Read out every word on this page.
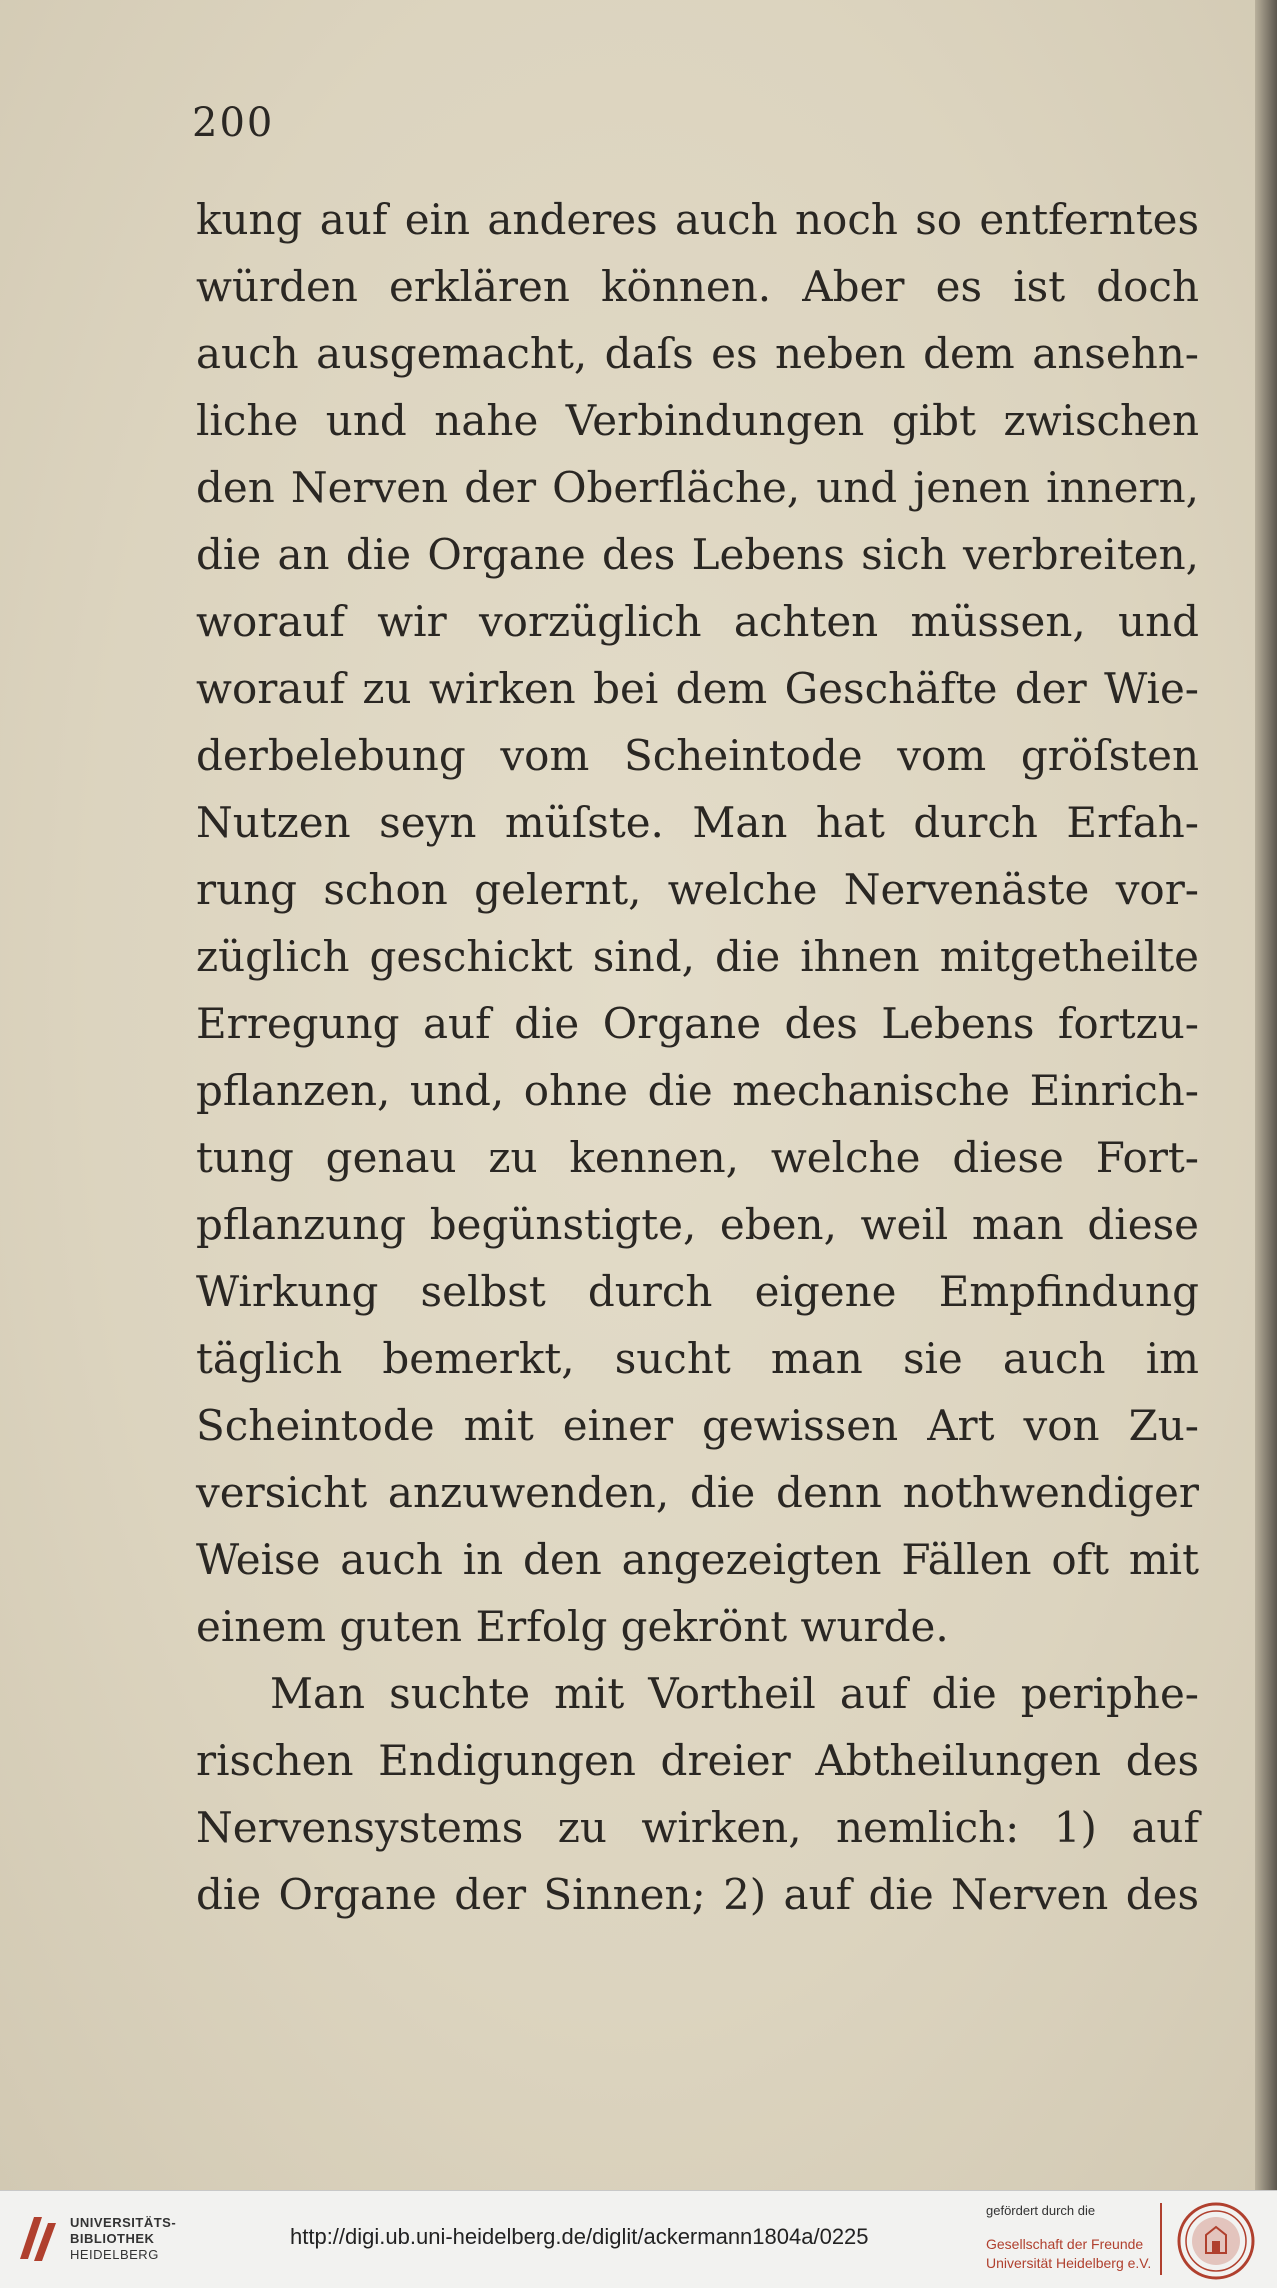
200
kung auf ein anderes auch noch so entferntes
würden erklären können. Aber es ist doch
auch ausgemacht, daſs es neben dem ansehn-
liche und nahe Verbindungen gibt zwischen
den Nerven der Oberfläche, und jenen innern,
die an die Organe des Lebens sich verbreiten,
worauf wir vorzüglich achten müssen, und
worauf zu wirken bei dem Geschäfte der Wie-
derbelebung vom Scheintode vom gröſsten
Nutzen seyn müſste. Man hat durch Erfah-
rung schon gelernt, welche Nervenäste vor-
züglich geschickt sind, die ihnen mitgetheilte
Erregung auf die Organe des Lebens fortzu-
pflanzen, und, ohne die mechanische Einrich-
tung genau zu kennen, welche diese Fort-
pflanzung begünstigte, eben, weil man diese
Wirkung selbst durch eigene Empfindung
täglich bemerkt, sucht man sie auch im
Scheintode mit einer gewissen Art von Zu-
versicht anzuwenden, die denn nothwendiger
Weise auch in den angezeigten Fällen oft mit
einem guten Erfolg gekrönt wurde.
Man suchte mit Vortheil auf die periphe-
rischen Endigungen dreier Abtheilungen des
Nervensystems zu wirken, nemlich: 1) auf
die Organe der Sinnen; 2) auf die Nerven des
UNIVERSITÄTS-
BIBLIOTHEK
HEIDELBERG
http://digi.ub.uni-heidelberg.de/diglit/ackermann1804a/0225
gefördert durch die
Gesellschaft der Freunde
Universität Heidelberg e.V.
